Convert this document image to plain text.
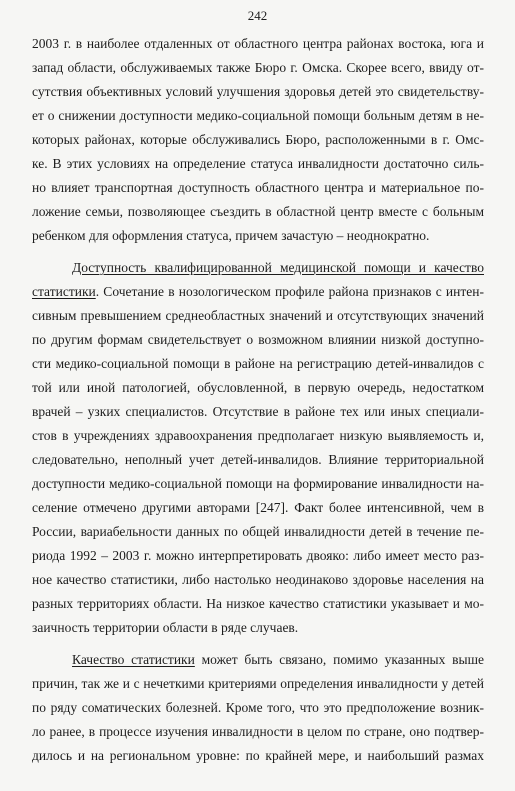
242
2003 г. в наиболее отдаленных от областного центра районах востока, юга и
запад области, обслуживаемых также Бюро г. Омска. Скорее всего, ввиду от-
сутствия объективных условий улучшения здоровья детей это свидетельству-
ет о снижении доступности медико-социальной помощи больным детям в не-
которых районах, которые обслуживались Бюро, расположенными в г. Омс-
ке. В этих условиях на определение статуса инвалидности достаточно силь-
но влияет транспортная доступность областного центра и материальное по-
ложение семьи, позволяющее съездить в областной центр вместе с больным
ребенком для оформления статуса, причем зачастую – неоднократно.
Доступность квалифицированной медицинской помощи и качество
статистики. Сочетание в нозологическом профиле района признаков с интен-
сивным превышением среднеобластных значений и отсутствующих значений
по другим формам свидетельствует о возможном влиянии низкой доступно-
сти медико-социальной помощи в районе на регистрацию детей-инвалидов с
той или иной патологией, обусловленной, в первую очередь, недостатком
врачей – узких специалистов. Отсутствие в районе тех или иных специали-
стов в учреждениях здравоохранения предполагает низкую выявляемость и,
следовательно, неполный учет детей-инвалидов. Влияние территориальной
доступности медико-социальной помощи на формирование инвалидности на-
селение отмечено другими авторами [247]. Факт более интенсивной, чем в
России, вариабельности данных по общей инвалидности детей в течение пе-
риода 1992 – 2003 г. можно интерпретировать двояко: либо имеет место раз-
ное качество статистики, либо настолько неодинаково здоровье населения на
разных территориях области. На низкое качество статистики указывает и мо-
заичность территории области в ряде случаев.
Качество статистики может быть связано, помимо указанных выше
причин, так же и с нечеткими критериями определения инвалидности у детей
по ряду соматических болезней. Кроме того, что это предположение возник-
ло ранее, в процессе изучения инвалидности в целом по стране, оно подтвер-
дилось и на региональном уровне: по крайней мере, и наибольший размах
